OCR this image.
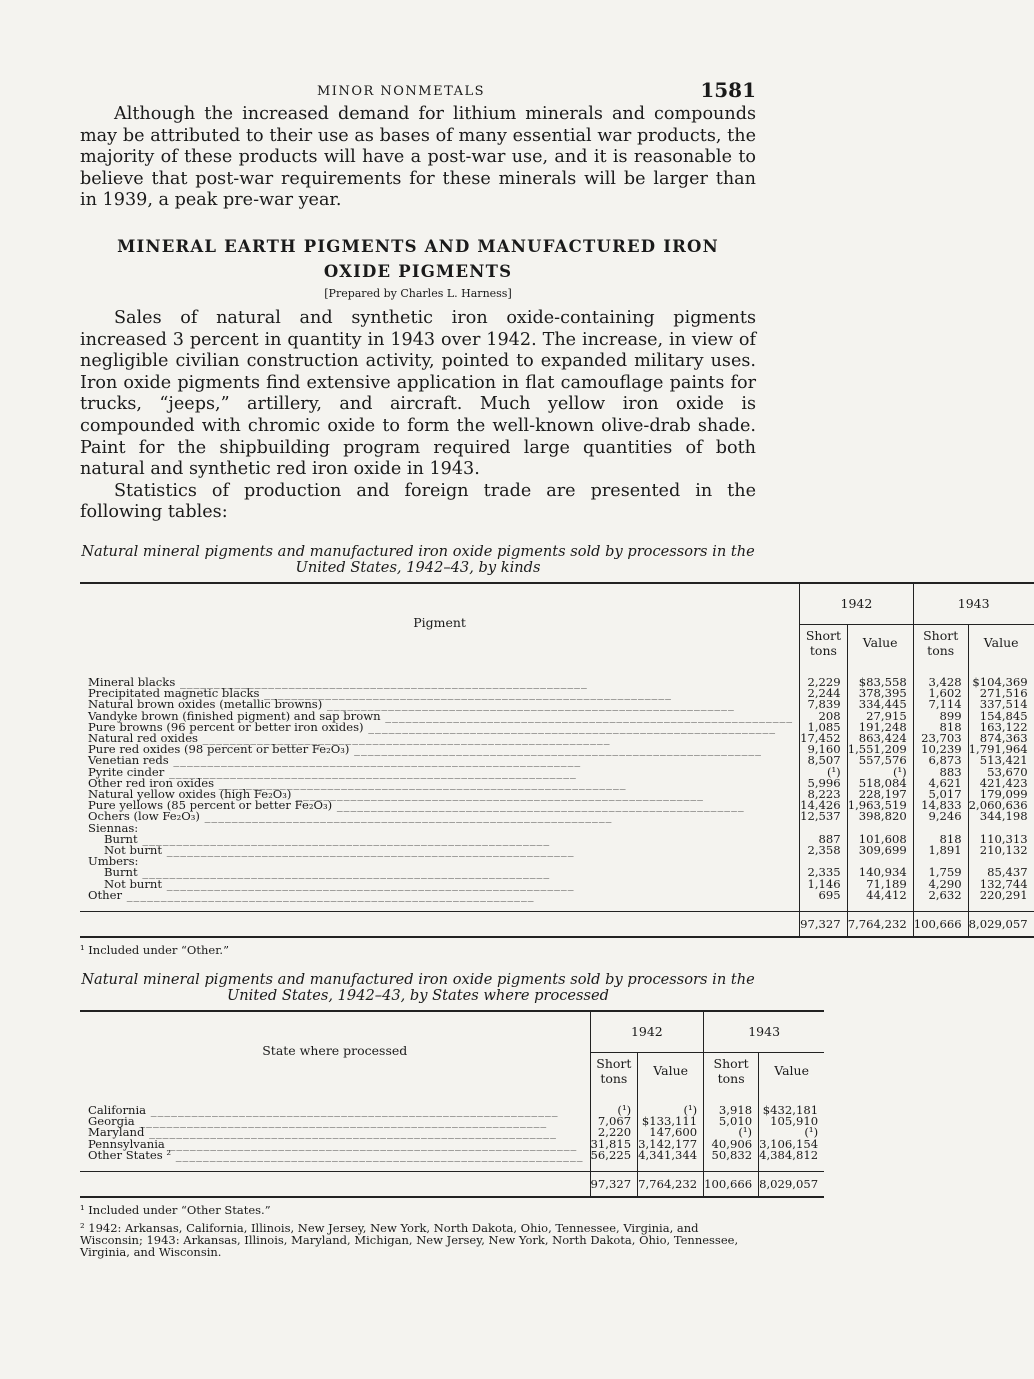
MINOR NONMETALS	1581

Although the increased demand for lithium minerals and compounds may be attributed to their use as bases of many essential war products, the majority of these products will have a post-war use, and it is reasonable to believe that post-war requirements for these minerals will be larger than in 1939, a peak pre-war year.

MINERAL EARTH PIGMENTS AND MANUFACTURED IRON
OXIDE PIGMENTS
[Prepared by Charles L. Harness]

Sales of natural and synthetic iron oxide-containing pigments increased 3 percent in quantity in 1943 over 1942. The increase, in view of negligible civilian construction activity, pointed to expanded military uses. Iron oxide pigments find extensive application in flat camouflage paints for trucks, “jeeps,” artillery, and aircraft. Much yellow iron oxide is compounded with chromic oxide to form the well-known olive-drab shade. Paint for the shipbuilding program required large quantities of both natural and synthetic red iron oxide in 1943.

Statistics of production and foreign trade are presented in the following tables:

Natural mineral pigments and manufactured iron oxide pigments sold by processors in the United States, 1942–43, by kinds
Pigment	1942		1943	
	Short tons	Value	Short tons	Value

Mineral blacks ____________________________________________________________	2,229	$83,558	3,428	$104,369
Precipitated magnetic blacks ____________________________________________________________	2,244	378,395	1,602	271,516
Natural brown oxides (metallic browns) ____________________________________________________________	7,839	334,445	7,114	337,514
Vandyke brown (finished pigment) and sap brown ____________________________________________________________	208	27,915	899	154,845
Pure browns (96 percent or better iron oxides) ____________________________________________________________	1,085	191,248	818	163,122
Natural red oxides ____________________________________________________________	17,452	863,424	23,703	874,363
Pure red oxides (98 percent or better Fe₂O₃) ____________________________________________________________	9,160	1,551,209	10,239	1,791,964
Venetian reds ____________________________________________________________	8,507	557,576	6,873	513,421
Pyrite cinder ____________________________________________________________	(¹)	(¹)	883	53,670
Other red iron oxides ____________________________________________________________	5,996	518,084	4,621	421,423
Natural yellow oxides (high Fe₂O₃) ____________________________________________________________	8,223	228,197	5,017	179,099
Pure yellows (85 percent or better Fe₂O₃) ____________________________________________________________	14,426	1,963,519	14,833	2,060,636
Ochers (low Fe₂O₃) ____________________________________________________________	12,537	398,820	9,246	344,198
Siennas:				
Burnt ____________________________________________________________	887	101,608	818	110,313
Not burnt ____________________________________________________________	2,358	309,699	1,891	210,132
Umbers:				
Burnt ____________________________________________________________	2,335	140,934	1,759	85,437
Not burnt ____________________________________________________________	1,146	71,189	4,290	132,744
Other ____________________________________________________________	695	44,412	2,632	220,291

	97,327	7,764,232	100,666	8,029,057
¹ Included under “Other.”
Natural mineral pigments and manufactured iron oxide pigments sold by processors in the United States, 1942–43, by States where processed
State where processed	1942		1943	
	Short tons	Value	Short tons	Value

California ____________________________________________________________	(¹)	(¹)	3,918	$432,181
Georgia ____________________________________________________________	7,067	$133,111	5,010	105,910
Maryland ____________________________________________________________	2,220	147,600	(¹)	(¹)
Pennsylvania ____________________________________________________________	31,815	3,142,177	40,906	3,106,154
Other States ² ____________________________________________________________	56,225	4,341,344	50,832	4,384,812

	97,327	7,764,232	100,666	8,029,057
¹ Included under “Other States.”
² 1942: Arkansas, California, Illinois, New Jersey, New York, North Dakota, Ohio, Tennessee, Virginia, and Wisconsin; 1943: Arkansas, Illinois, Maryland, Michigan, New Jersey, New York, North Dakota, Ohio, Tennessee, Virginia, and Wisconsin.
